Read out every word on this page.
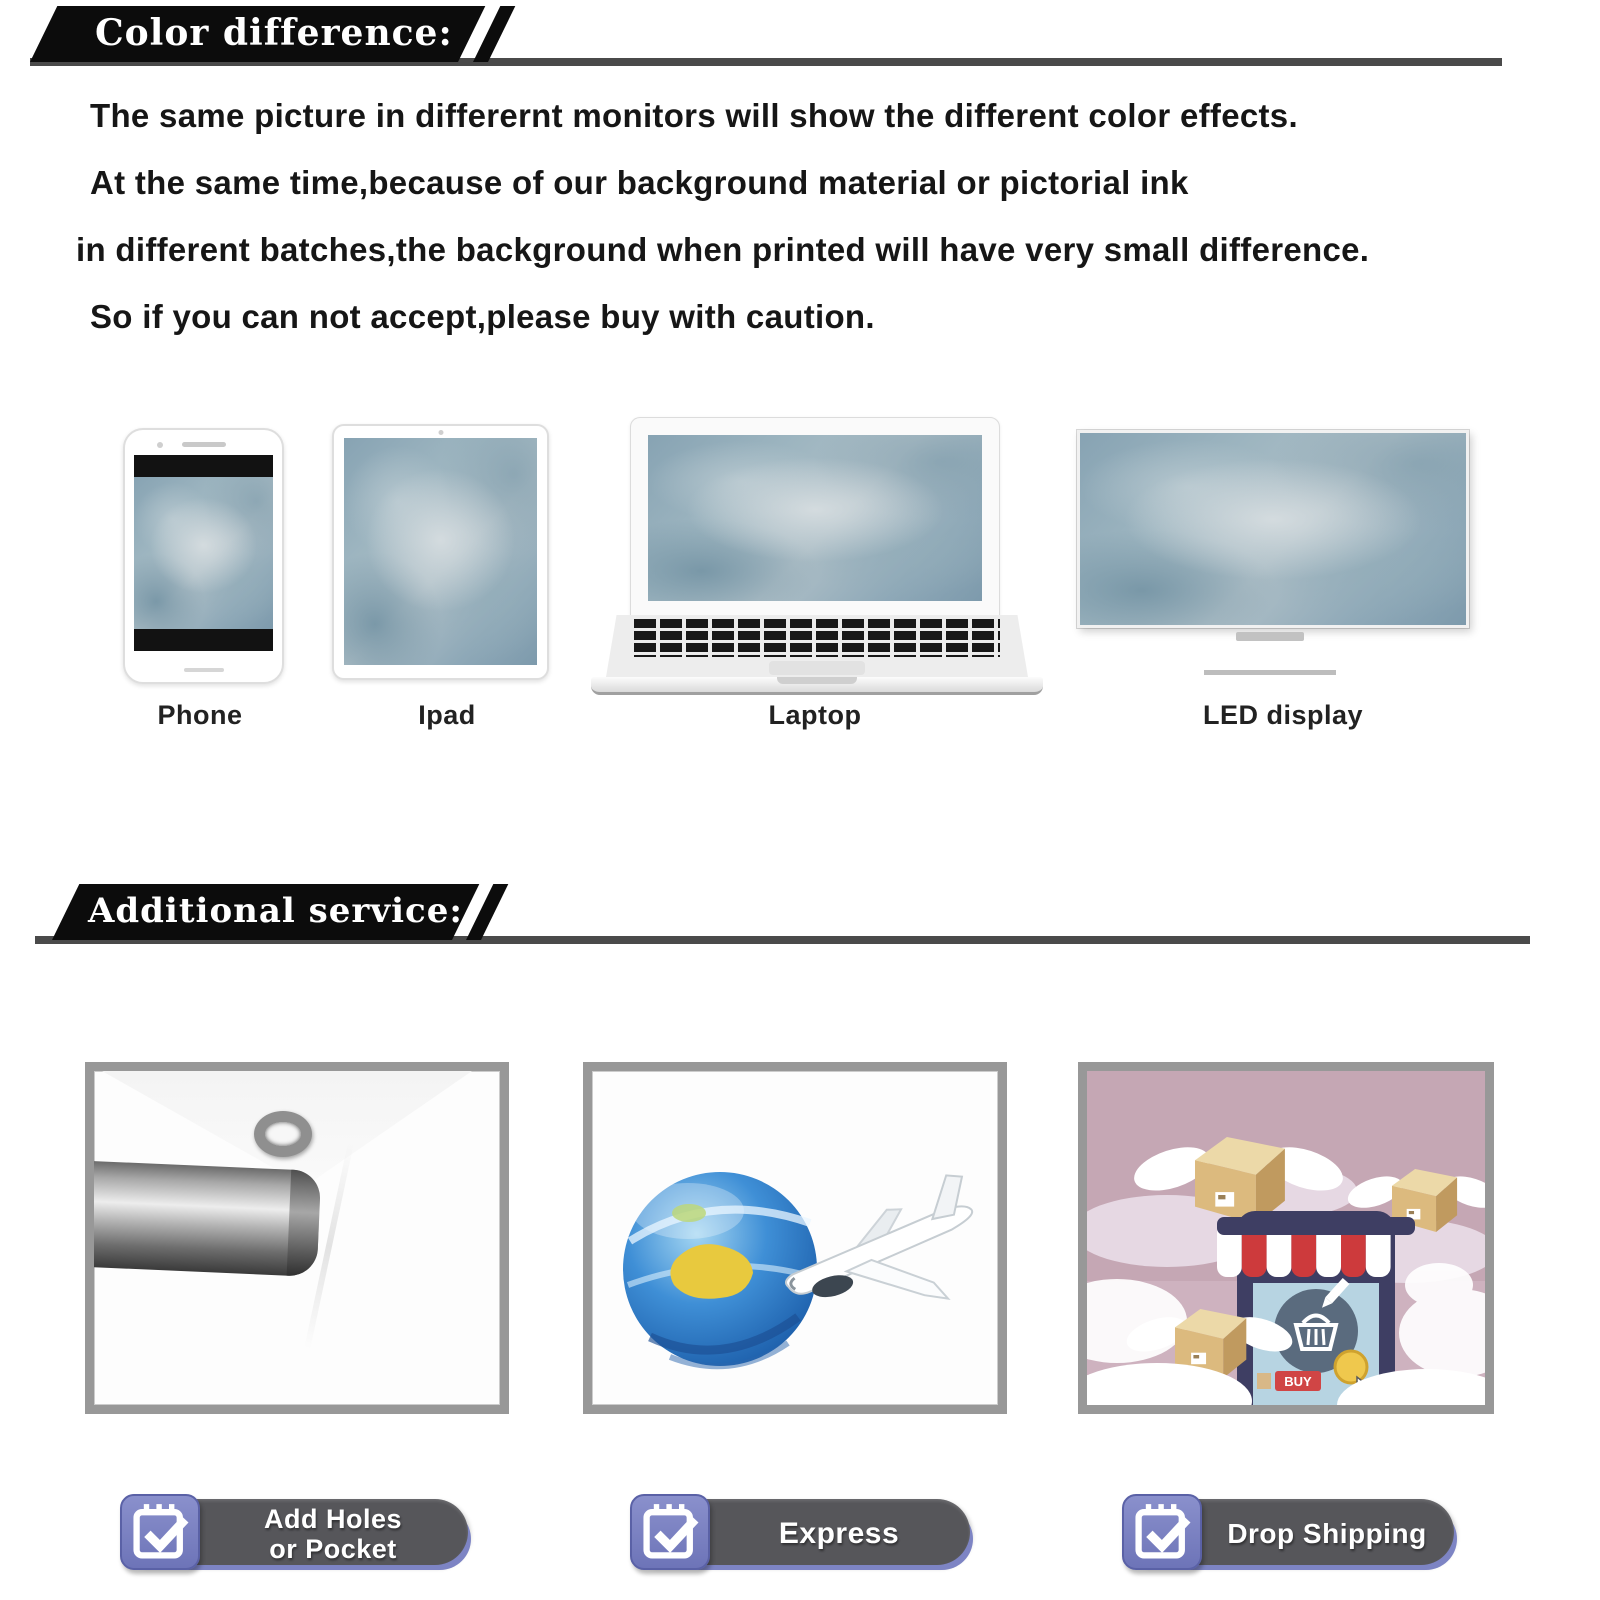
Color difference:
The same picture in differernt monitors will show the different color effects.
At the same time,because of our background material or pictorial ink
in different batches,the background when printed will have very small difference.
So if you can not accept,please buy with caution.
Phone	Ipad	Laptop	LED display
Additional service:
BUY
Add Holes
or Pocket	Express	Drop Shipping
